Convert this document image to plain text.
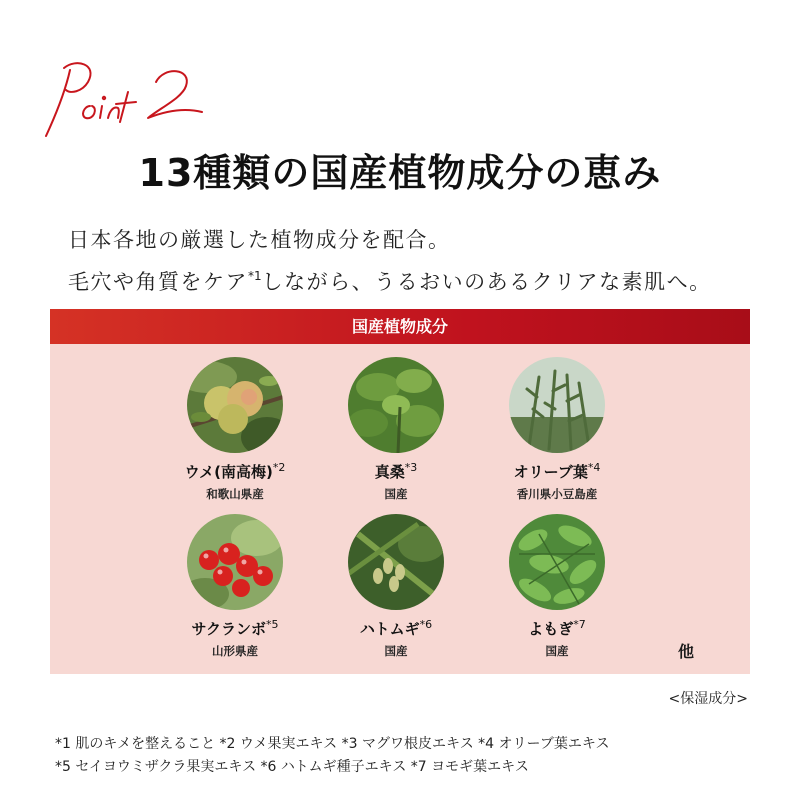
13種類の国産植物成分の恵み
日本各地の厳選した植物成分を配合。
毛穴や角質をケア$^{*1}$しながら、うるおいのあるクリアな素肌へ。
国産植物成分
ウメ(南高梅)$^{*2}$
和歌山県産
真桑$^{*3}$
国産
オリーブ葉$^{*4}$
香川県小豆島産
サクランボ$^{*5}$
山形県産
ハトムギ$^{*6}$
国産
よもぎ$^{*7}$
国産	他
<保湿成分>
*1 肌のキメを整えること *2 ウメ果実エキス *3 マグワ根皮エキス *4 オリーブ葉エキス
*5 セイヨウミザクラ果実エキス *6 ハトムギ種子エキス *7 ヨモギ葉エキス
